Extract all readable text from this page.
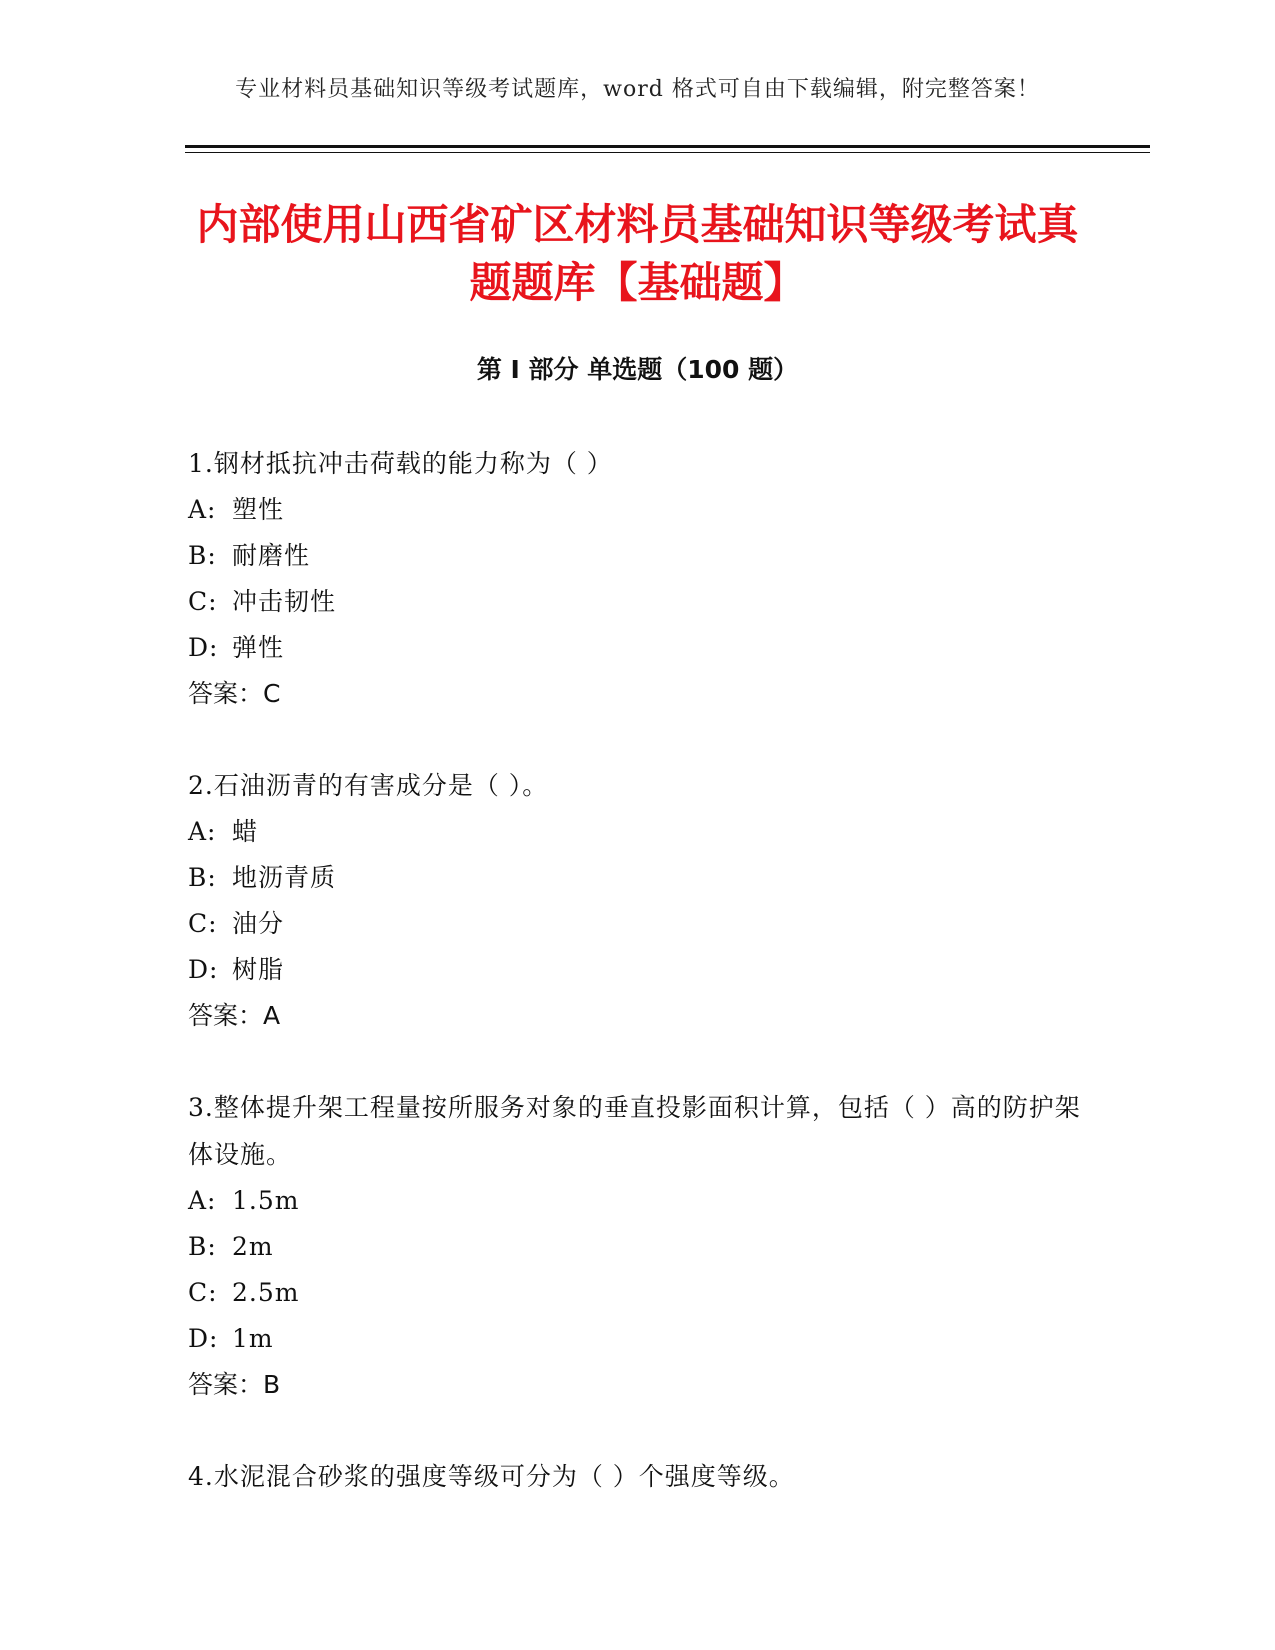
专业材料员基础知识等级考试题库，word 格式可自由下载编辑，附完整答案！
内部使用山西省矿区材料员基础知识等级考试真题题库【基础题】
第 I 部分 单选题（100 题）

1.钢材抵抗冲击荷载的能力称为（ ）

A: 塑性

B: 耐磨性

C: 冲击韧性

D: 弹性

答案：C

2.石油沥青的有害成分是（ ）。

A: 蜡

B: 地沥青质

C: 油分

D: 树脂

答案：A

3.整体提升架工程量按所服务对象的垂直投影面积计算，包括（ ）高的防护架体设施。

A: 1.5m

B: 2m

C: 2.5m

D: 1m

答案：B

4.水泥混合砂浆的强度等级可分为（ ）个强度等级。
